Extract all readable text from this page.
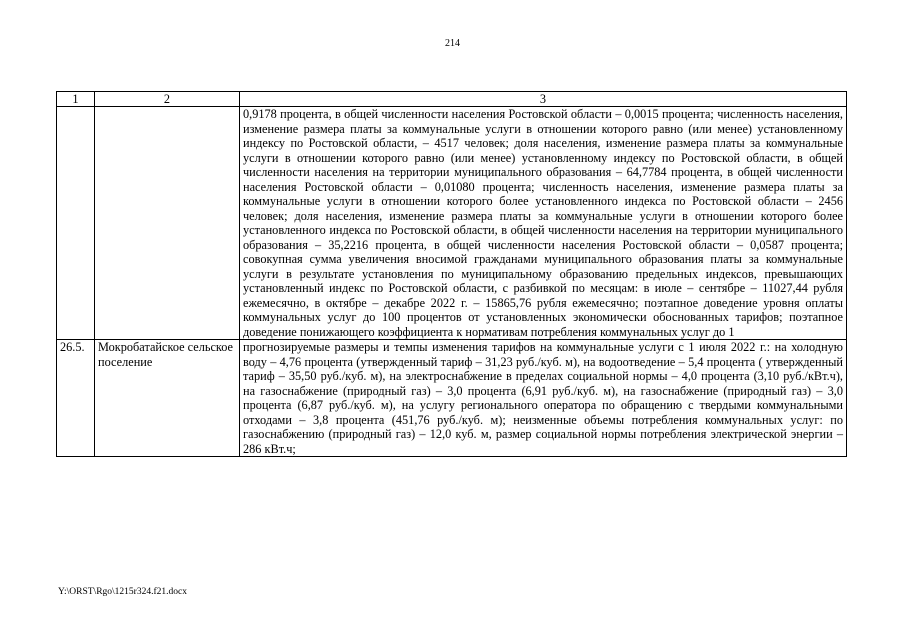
214
1	2	3
		0,9178 процента, в общей численности населения Ростовской области – 0,0015 процента; численность населения, изменение размера платы за коммунальные услуги в отношении которого равно (или менее) установленному индексу по Ростовской области, – 4517 человек; доля населения, изменение размера платы за коммунальные услуги в отношении которого равно (или менее) установленному индексу по Ростовской области, в общей численности населения на территории муниципального образования – 64,7784 процента, в общей численности населения Ростовской области – 0,01080 процента; численность населения, изменение размера платы за коммунальные услуги в отношении которого более установленного индекса по Ростовской области – 2456 человек; доля населения, изменение размера платы за коммунальные услуги в отношении которого более установленного индекса по Ростовской области, в общей численности населения на территории муниципального образования – 35,2216 процента, в общей численности населения Ростовской области – 0,0587 процента; совокупная сумма увеличения вносимой гражданами муниципального образования платы за коммунальные услуги в результате установления по муниципальному образованию предельных индексов, превышающих установленный индекс по Ростовской области, с разбивкой по месяцам: в июле – сентябре – 11027,44 рубля ежемесячно, в октябре – декабре 2022 г. – 15865,76 рубля ежемесячно; поэтапное доведение уровня оплаты коммунальных услуг до 100 процентов от установленных экономически обоснованных тарифов; поэтапное доведение понижающего коэффициента к нормативам потребления коммунальных услуг до 1
26.5.	Мокробатайское сельское поселение	прогнозируемые размеры и темпы изменения тарифов на коммунальные услуги с 1 июля 2022 г.: на холодную воду – 4,76 процента (утвержденный тариф – 31,23 руб./куб. м), на водоотведение – 5,4 процента ( утвержденный тариф – 35,50 руб./куб. м), на электроснабжение в пределах социальной нормы – 4,0 процента (3,10 руб./кВт.ч), на газоснабжение (природный газ) – 3,0 процента (6,91 руб./куб. м), на газоснабжение (природный газ) – 3,0 процента (6,87 руб./куб. м), на услугу регионального оператора по обращению с твердыми коммунальными отходами – 3,8 процента (451,76 руб./куб. м); неизменные объемы потребления коммунальных услуг: по газоснабжению (природный газ) – 12,0 куб. м, размер социальной нормы потребления электрической энергии – 286 кВт.ч;
Y:\ORST\Rgo\1215r324.f21.docx
